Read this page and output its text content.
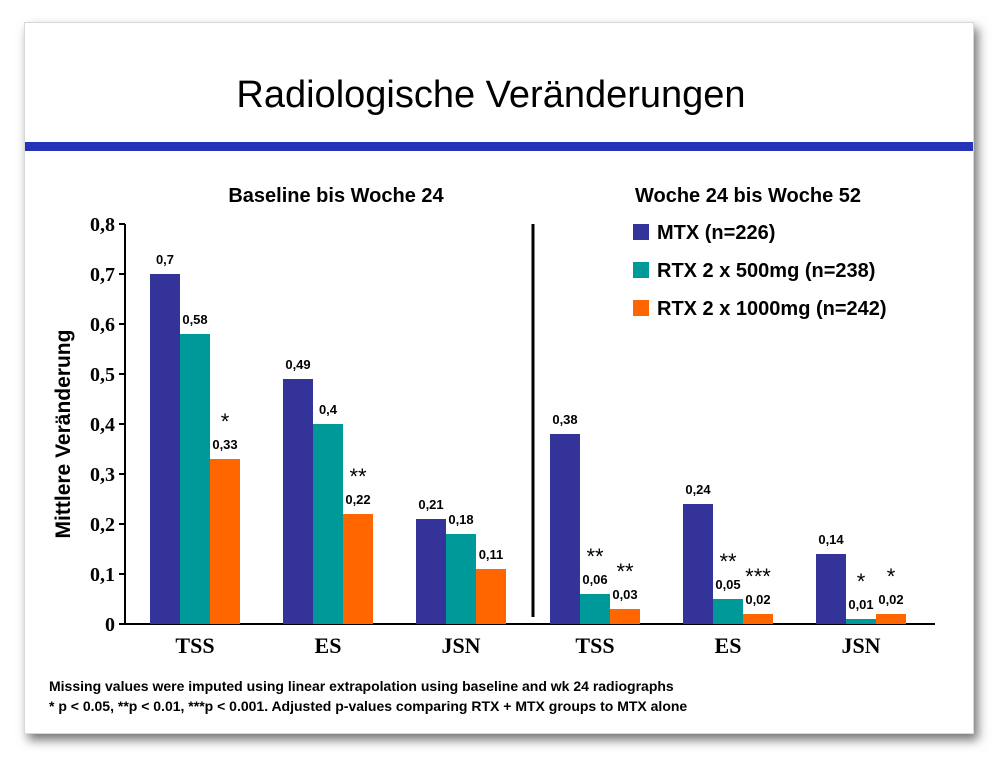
Radiologische Veränderungen
0
0,1
0,2
0,3
0,4
0,5
0,6
0,7
0,8
Mittlere Veränderung
Baseline bis Woche 24
TSS
0,7
0,58
0,33
*
ES
0,49
0,4
0,22
**
JSN
0,21
0,18
0,11
Woche 24 bis Woche 52
TSS
0,38
0,06
**
0,03
**
ES
0,24
0,05
**
0,02
***
JSN
0,14
0,01
*
0,02
*
MTX (n=226)
RTX 2 x 500mg (n=238)
RTX 2 x 1000mg (n=242)
Missing values were imputed using linear extrapolation using baseline and wk 24 radiographs
* p < 0.05, **p < 0.01, ***p < 0.001. Adjusted p-values comparing RTX + MTX groups to MTX alone
